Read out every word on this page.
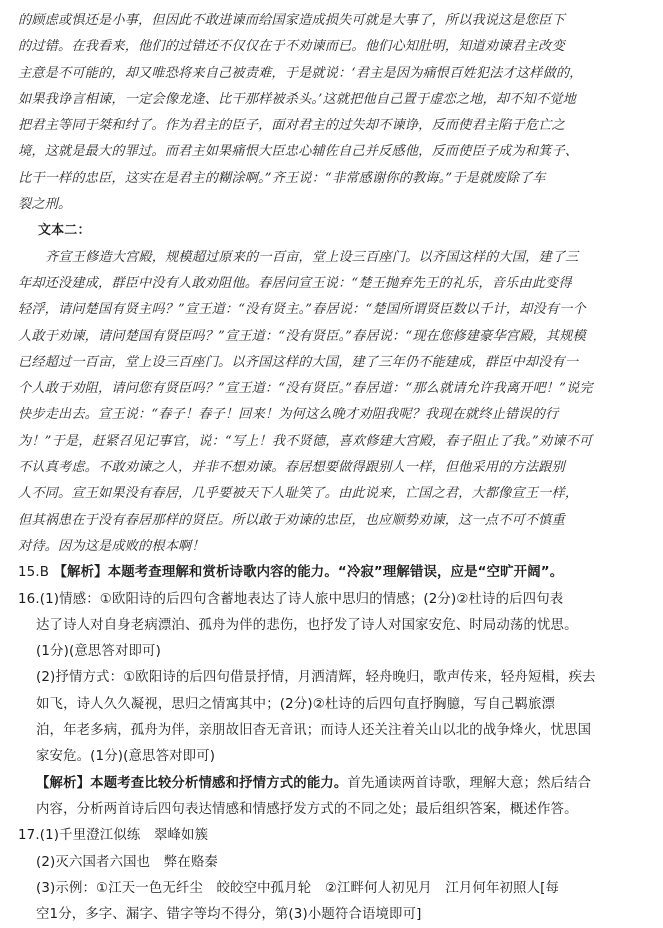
的顾虑或惧还是小事，但因此不敢进谏而给国家造成损失可就是大事了，所以我说这是您臣下
的过错。在我看来，他们的过错还不仅仅在于不劝谏而已。他们心知肚明，知道劝谏君主改变
主意是不可能的，却又唯恐将来自己被责难，于是就说：‘君主是因为痛恨百姓犯法才这样做的，
如果我诤言相谏，一定会像龙逄、比干那样被杀头。’这就把他自己置于虚恋之地，却不知不觉地
把君主等同于桀和纣了。作为君主的臣子，面对君主的过失却不谏诤，反而使君主陷于危亡之
境，这就是最大的罪过。而君主如果痛恨大臣忠心辅佐自己并反感他，反而使臣子成为和箕子、
比干一样的忠臣，这实在是君主的糊涂啊。”齐王说：“非常感谢你的教诲。”于是就废除了车
裂之刑。
文本二：
齐宣王修造大宫殿，规模超过原来的一百亩，堂上设三百座门。以齐国这样的大国，建了三
年却还没建成，群臣中没有人敢劝阻他。春居问宣王说：“楚王抛弃先王的礼乐，音乐由此变得
轻浮，请问楚国有贤主吗？”宣王道：“没有贤主。”春居说：“楚国所谓贤臣数以千计，却没有一个
人敢于劝谏，请问楚国有贤臣吗？”宣王道：“没有贤臣。”春居说：“现在您修建豪华宫殿，其规模
已经超过一百亩，堂上设三百座门。以齐国这样的大国，建了三年仍不能建成，群臣中却没有一
个人敢于劝阻，请问您有贤臣吗？”宣王道：“没有贤臣。”春居道：“那么就请允许我离开吧！”说完
快步走出去。宣王说：“春子！春子！回来！为何这么晚才劝阻我呢？我现在就终止错误的行
为！”于是，赶紧召见记事官，说：“写上！我不贤德，喜欢修建大宫殿，春子阻止了我。”劝谏不可
不认真考虑。不敢劝谏之人，并非不想劝谏。春居想要做得跟别人一样，但他采用的方法跟别
人不同。宣王如果没有春居，几乎要被天下人耻笑了。由此说来，亡国之君，大都像宣王一样，
但其祸患在于没有春居那样的贤臣。所以敢于劝谏的忠臣，也应顺势劝谏，这一点不可不慎重
对待。因为这是成败的根本啊！
15.B 【解析】本题考查理解和赏析诗歌内容的能力。“冷寂”理解错误，应是“空旷开阔”。
16.(1)情感：①欧阳诗的后四句含蓄地表达了诗人旅中思归的情感；(2分)②杜诗的后四句表
达了诗人对自身老病漂泊、孤舟为伴的悲伤，也抒发了诗人对国家安危、时局动荡的忧思。
(1分)(意思答对即可)
(2)抒情方式：①欧阳诗的后四句借景抒情，月洒清辉，轻舟晚归，歌声传来，轻舟短楫，疾去
如飞，诗人久久凝视，思归之情寓其中；(2分)②杜诗的后四句直抒胸臆，写自己羁旅漂
泊，年老多病，孤舟为伴，亲朋故旧杳无音讯；而诗人还关注着关山以北的战争烽火，忧思国
家安危。(1分)(意思答对即可)
【解析】本题考查比较分析情感和抒情方式的能力。首先通读两首诗歌，理解大意；然后结合
内容，分析两首诗后四句表达情感和情感抒发方式的不同之处；最后组织答案，概述作答。
17.(1)千里澄江似练　翠峰如簇
(2)灭六国者六国也　弊在赂秦
(3)示例：①江天一色无纤尘　皎皎空中孤月轮　②江畔何人初见月　江月何年初照人[每
空1分，多字、漏字、错字等均不得分，第(3)小题符合语境即可]
